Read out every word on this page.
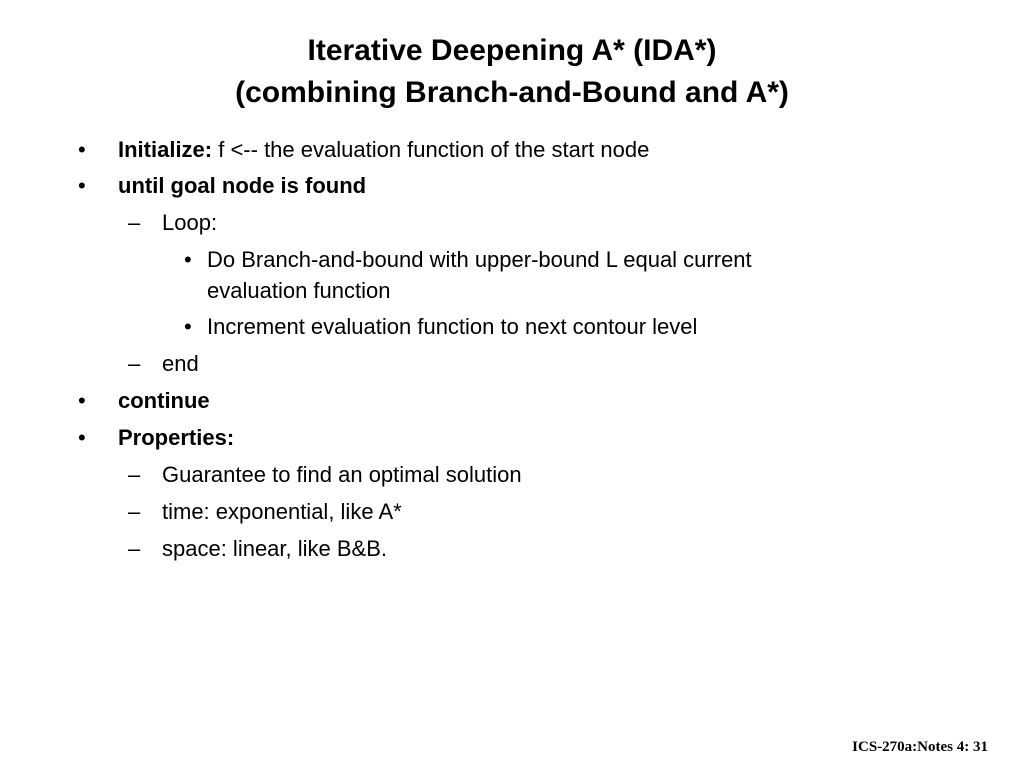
Iterative Deepening A* (IDA*)
(combining Branch-and-Bound and A*)
• Initialize: f <-- the evaluation function of the start node
• until goal node is found
– Loop:
• Do Branch-and-bound with upper-bound L equal current
evaluation function
• Increment evaluation function to next contour level
– end
• continue
• Properties:
– Guarantee to find an optimal solution
– time: exponential, like A*
– space: linear, like B&B.
ICS-270a:Notes 4: 31
